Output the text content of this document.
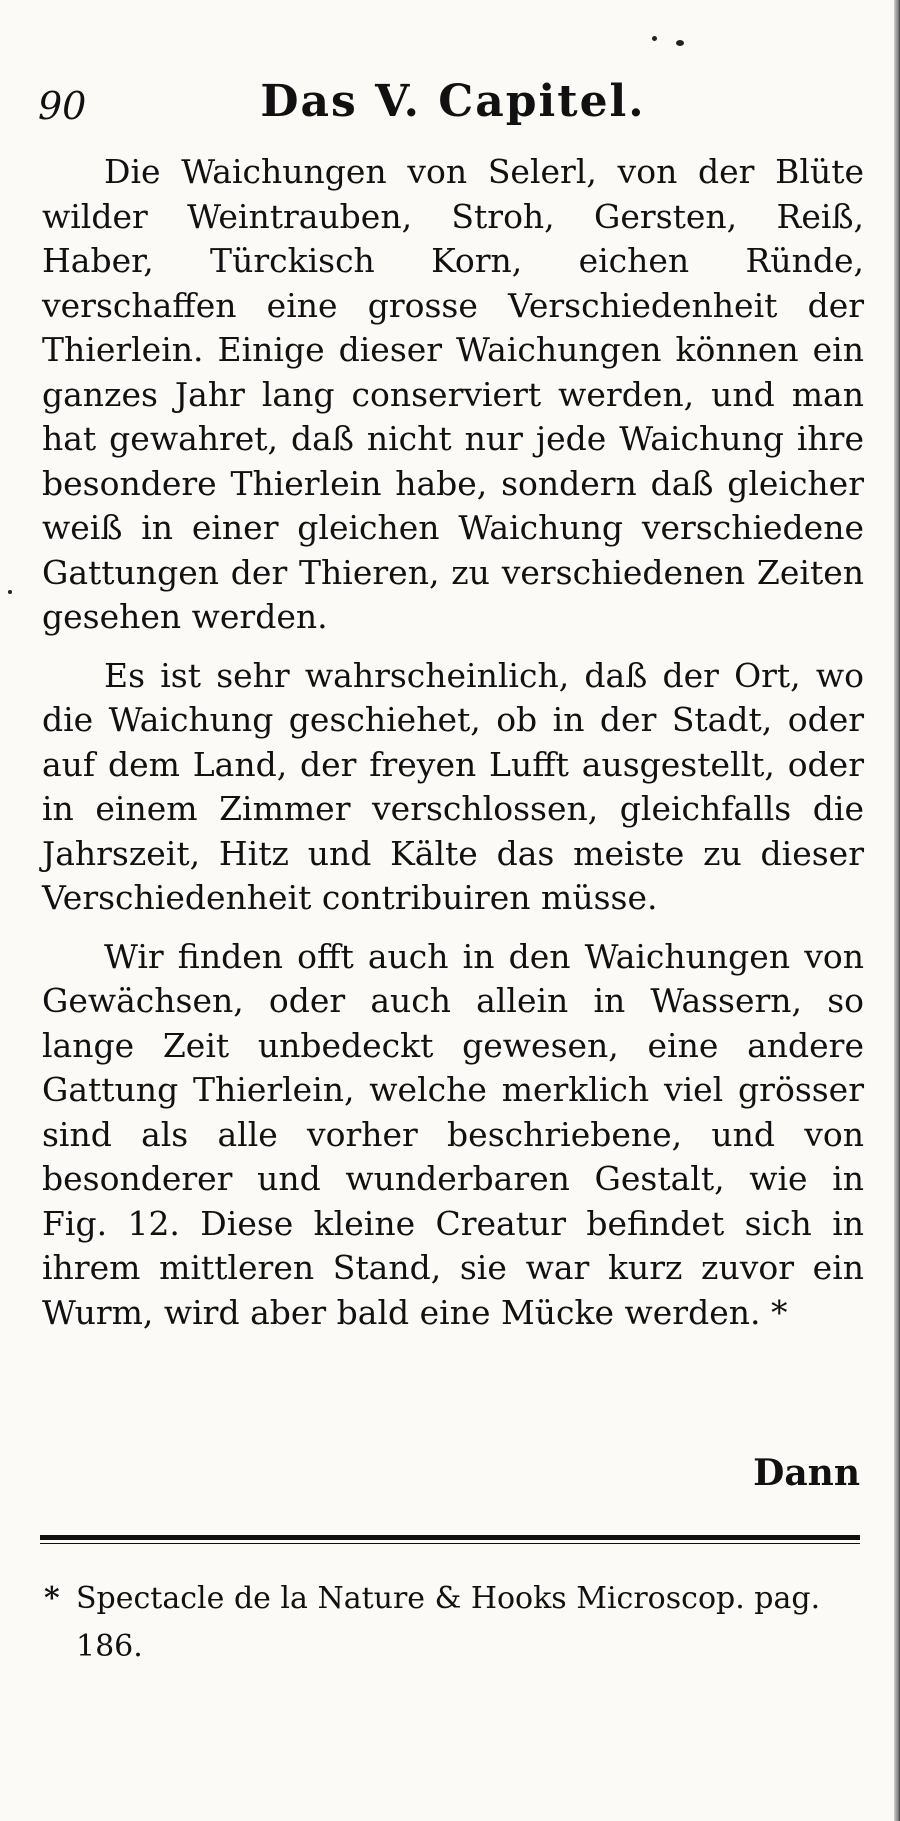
90	Das V. Capitel.

Die Waichungen von Selerl, von der Blüte wilder Weintrauben, Stroh, Gersten, Reiß, Haber, Türckisch Korn, eichen Ründe, verschaffen eine grosse Verschiedenheit der Thierlein. Einige dieser Waichungen können ein ganzes Jahr lang conserviert werden, und man hat gewahret, daß nicht nur jede Waichung ihre besondere Thierlein habe, sondern daß gleicher weiß in einer gleichen Waichung verschiedene Gattungen der Thieren, zu verschiedenen Zeiten gesehen werden.

Es ist sehr wahrscheinlich, daß der Ort, wo die Waichung geschiehet, ob in der Stadt, oder auf dem Land, der freyen Lufft ausgestellt, oder in einem Zimmer verschlossen, gleichfalls die Jahrszeit, Hitz und Kälte das meiste zu dieser Verschiedenheit contribuiren müsse.

Wir finden offt auch in den Waichungen von Gewächsen, oder auch allein in Wassern, so lange Zeit unbedeckt gewesen, eine andere Gattung Thierlein, welche merklich viel grösser sind als alle vorher beschriebene, und von besonderer und wunderbaren Gestalt, wie in Fig. 12. Diese kleine Creatur befindet sich in ihrem mittleren Stand, sie war kurz zuvor ein Wurm, wird aber bald eine Mücke werden. *

Dann
* Spectacle de la Nature & Hooks Microscop. pag. 186.
